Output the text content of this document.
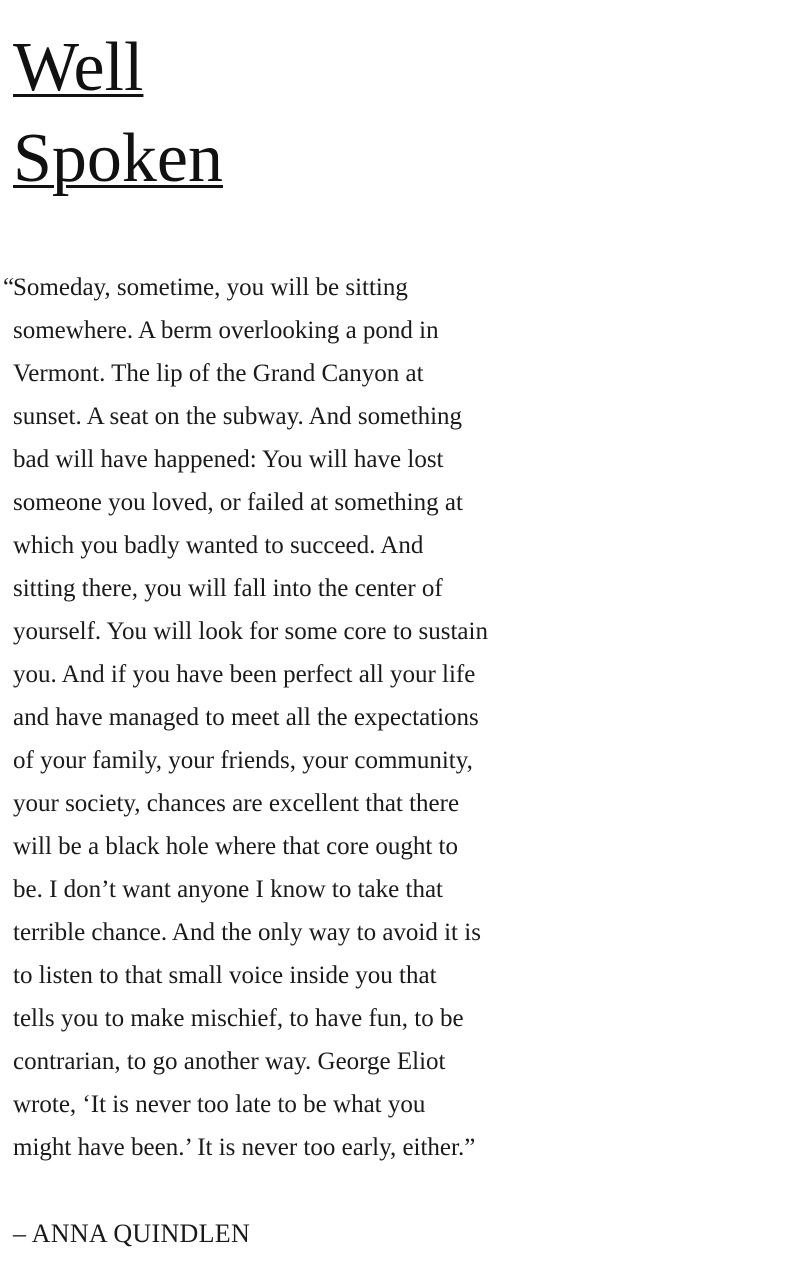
Well
Spoken
“
Someday, sometime, you will be sitting
somewhere. A berm overlooking a pond in
Vermont. The lip of the Grand Canyon at
sunset. A seat on the subway. And something
bad will have happened: You will have lost
someone you loved, or failed at something at
which you badly wanted to succeed. And
sitting there, you will fall into the center of
yourself. You will look for some core to sustain
you. And if you have been perfect all your life
and have managed to meet all the expectations
of your family, your friends, your community,
your society, chances are excellent that there
will be a black hole where that core ought to
be. I don’t want anyone I know to take that
terrible chance. And the only way to avoid it is
to listen to that small voice inside you that
tells you to make mischief, to have fun, to be
contrarian, to go another way. George Eliot
wrote, ‘It is never too late to be what you
might have been.’ It is never too early, either.”

– ANNA QUINDLEN
